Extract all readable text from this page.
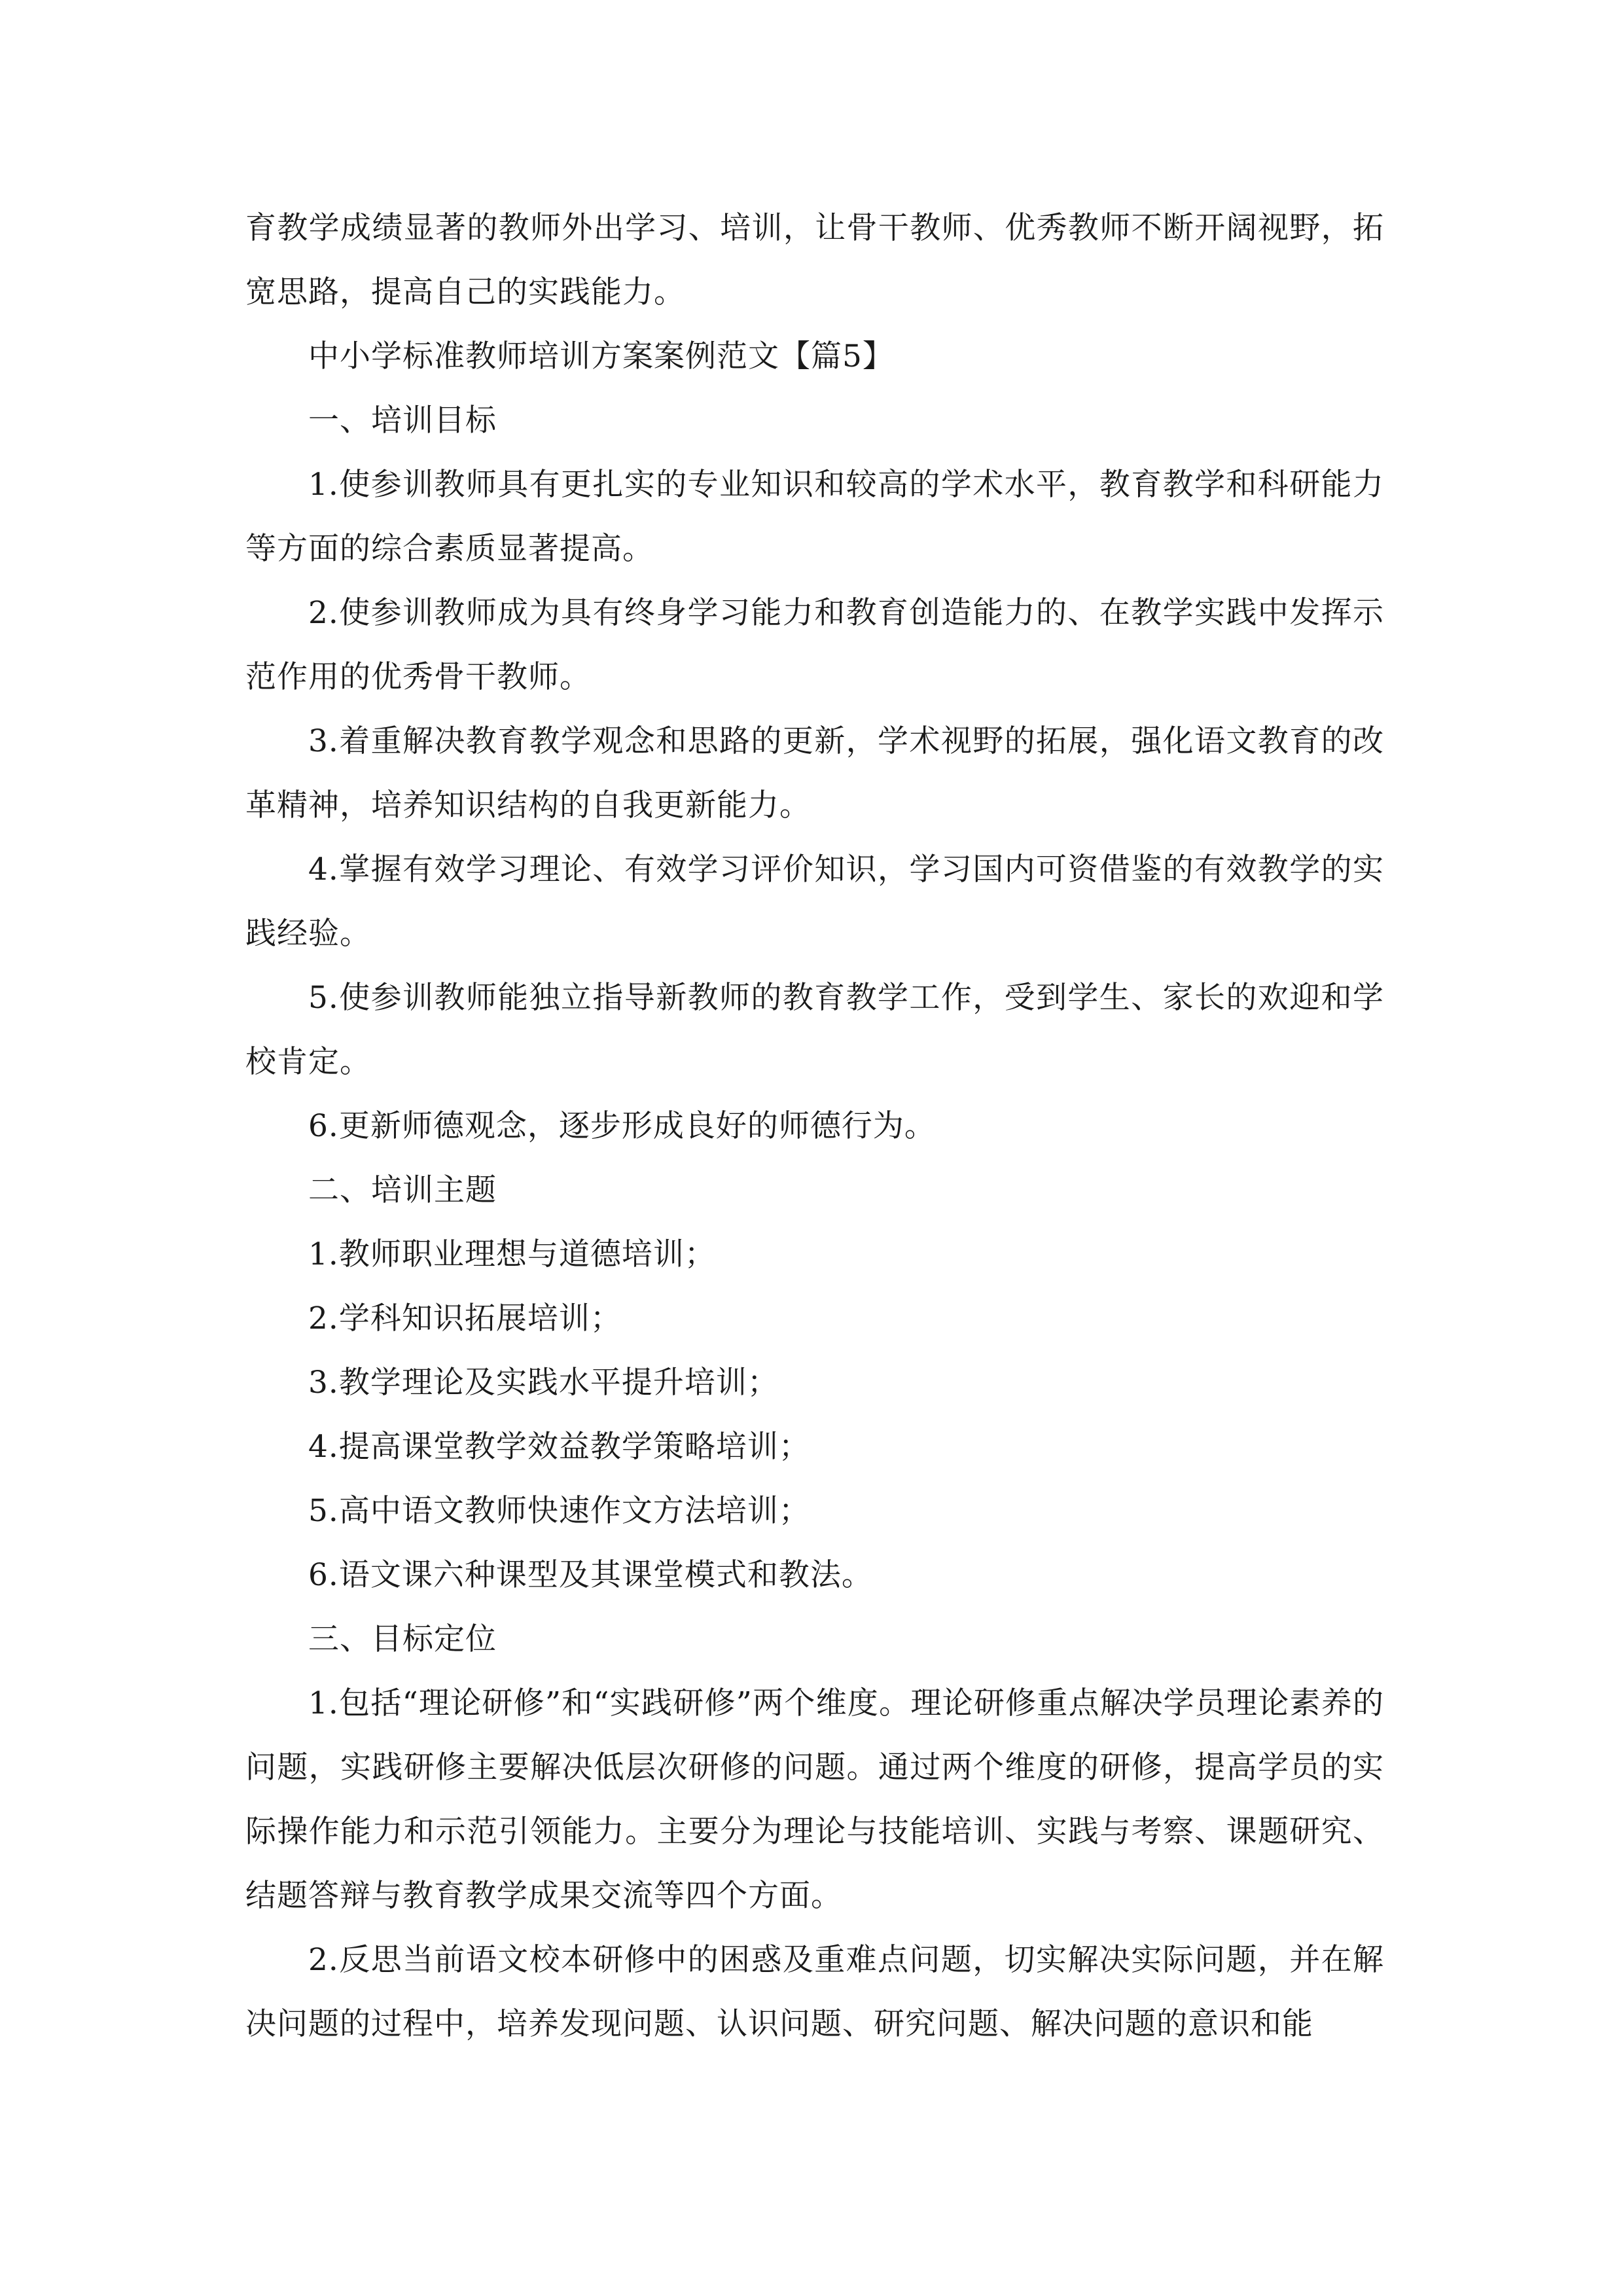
育教学成绩显著的教师外出学习、培训，让骨干教师、优秀教师不断开阔视野，拓宽思路，提高自己的实践能力。

中小学标准教师培训方案案例范文【篇5】

一、培训目标

1.使参训教师具有更扎实的专业知识和较高的学术水平，教育教学和科研能力等方面的综合素质显著提高。

2.使参训教师成为具有终身学习能力和教育创造能力的、在教学实践中发挥示范作用的优秀骨干教师。

3.着重解决教育教学观念和思路的更新，学术视野的拓展，强化语文教育的改革精神，培养知识结构的自我更新能力。

4.掌握有效学习理论、有效学习评价知识，学习国内可资借鉴的有效教学的实践经验。

5.使参训教师能独立指导新教师的教育教学工作，受到学生、家长的欢迎和学校肯定。

6.更新师德观念，逐步形成良好的师德行为。

二、培训主题

1.教师职业理想与道德培训；

2.学科知识拓展培训；

3.教学理论及实践水平提升培训；

4.提高课堂教学效益教学策略培训；

5.高中语文教师快速作文方法培训；

6.语文课六种课型及其课堂模式和教法。

三、目标定位

1.包括“理论研修”和“实践研修”两个维度。理论研修重点解决学员理论素养的问题，实践研修主要解决低层次研修的问题。通过两个维度的研修，提高学员的实际操作能力和示范引领能力。主要分为理论与技能培训、实践与考察、课题研究、结题答辩与教育教学成果交流等四个方面。

2.反思当前语文校本研修中的困惑及重难点问题，切实解决实际问题，并在解决问题的过程中，培养发现问题、认识问题、研究问题、解决问题的意识和能
